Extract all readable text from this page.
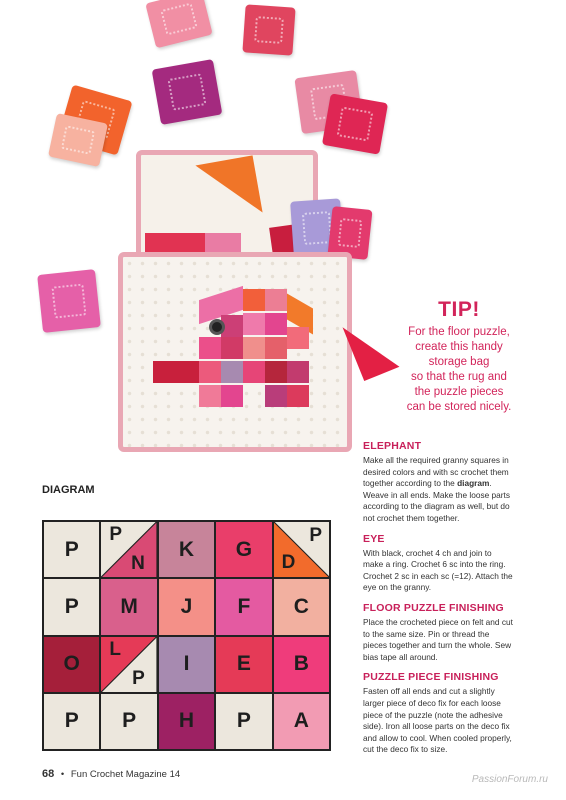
TIP!
For the floor puzzle,
create this handy
storage bag
so that the rug and
the puzzle pieces
can be stored nicely.
ELEPHANT
Make all the required granny squares in desired colors and with sc crochet them together according to the diagram. Weave in all ends. Make the loose parts according to the diagram as well, but do not crochet them together.
EYE
With black, crochet 4 ch and join to make a ring. Crochet 6 sc into the ring. Crochet 2 sc in each sc (=12). Attach the eye on the granny.
FLOOR PUZZLE FINISHING
Place the crocheted piece on felt and cut to the same size. Pin or thread the pieces together and turn the whole. Sew bias tape all around.
PUZZLE PIECE FINISHING
Fasten off all ends and cut a slightly larger piece of deco fix for each loose piece of the puzzle (note the adhesive side). Iron all loose parts on the deco fix and allow to cool. When cooled properly, cut the deco fix to size.
DIAGRAM
P
P
N
K G
P
D
P M J F C
O
L
P
I E B
P P H P A
68 • Fun Crochet Magazine 14	PassionForum.ru
